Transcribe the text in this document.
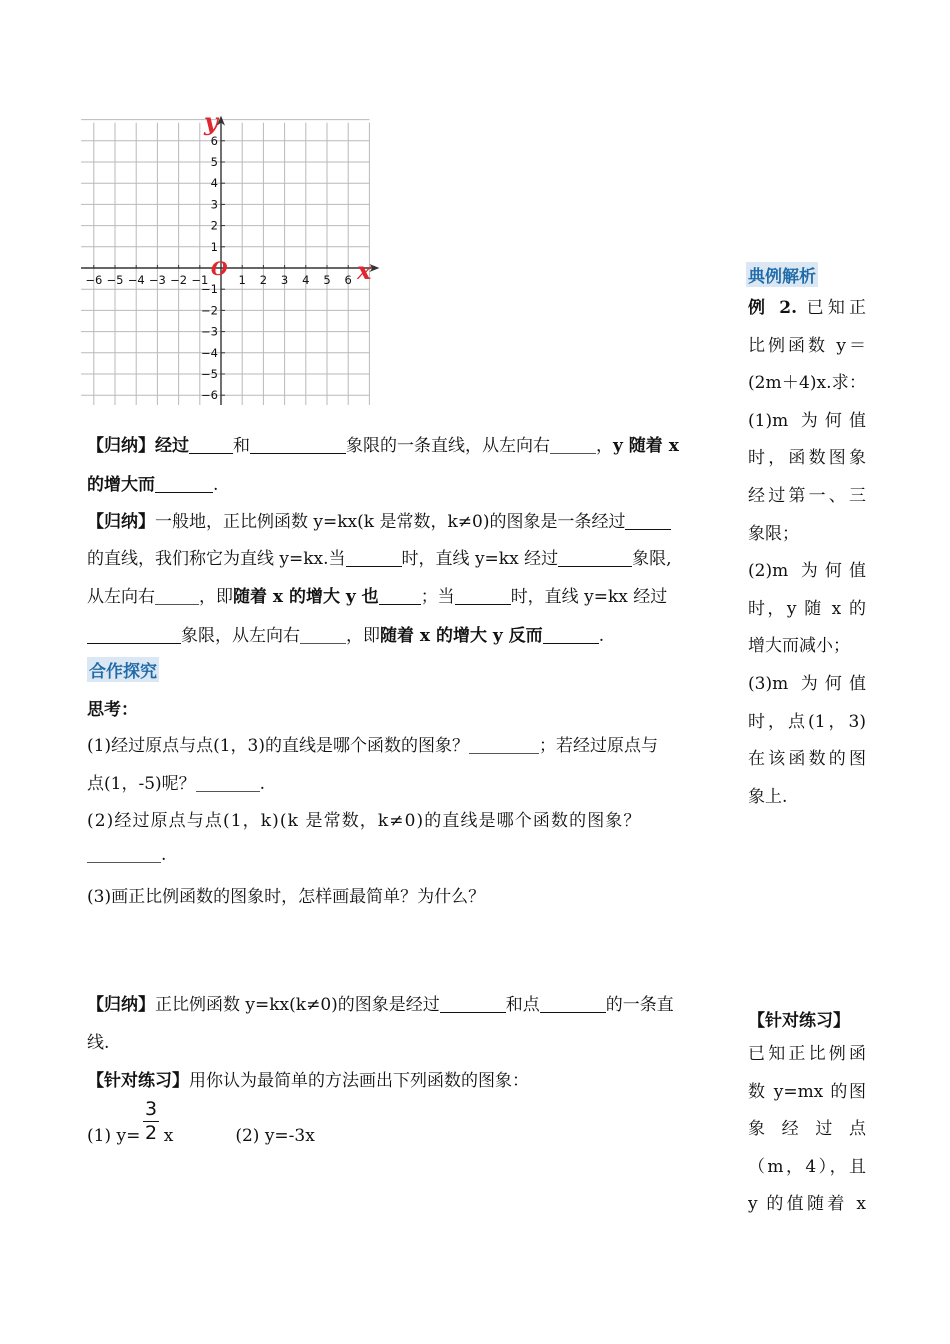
−6 −5 −4 −3 −2 −1	1 2 3 4 5 6
1
2
3
4
5
6
−1
−2
−3
−4
−5
−6
x
y
O
【归纳】经过	和	象限的一条直线，从左向右	，y 随着 x
的增大而	.
【归纳】一般地，正比例函数 y=kx(k 是常数，k≠0)的图象是一条经过
的直线，我们称它为直线 y=kx.当	时，直线 y=kx 经过	象限,
从左向右	，即随着 x 的增大 y 也 ；当	时，直线 y=kx 经过
象限，从左向右	，即随着 x 的增大 y 反而	.
合作探究
思考：
(1)经过原点与点(1，3)的直线是哪个函数的图象？	；若经过原点与
点(1，-5)呢？	.
(2)经过原点与点(1，k)(k 是常数，k≠0)的直线是哪个函数的图象？
.
(3)画正比例函数的图象时，怎样画最简单？为什么？
【归纳】正比例函数 y=kx(k≠0)的图象是经过	和点	的一条直
线.
【针对练习】用你认为最简单的方法画出下列函数的图象：
3
(1) y= x	(2) y=-3x
2
典例解析

例 2. 已知正

比例函数 y＝

(2m＋4)x.求：

(1)m 为何值

时，函数图象

经过第一、三

象限；

(2)m 为何值

时，y 随 x 的

增大而减小；

(3)m 为何值

时，点(1，3)

在该函数的图

象上.

【针对练习】

已知正比例函

数 y=mx 的图

象经过点

（m，4），且

y 的值随着 x
